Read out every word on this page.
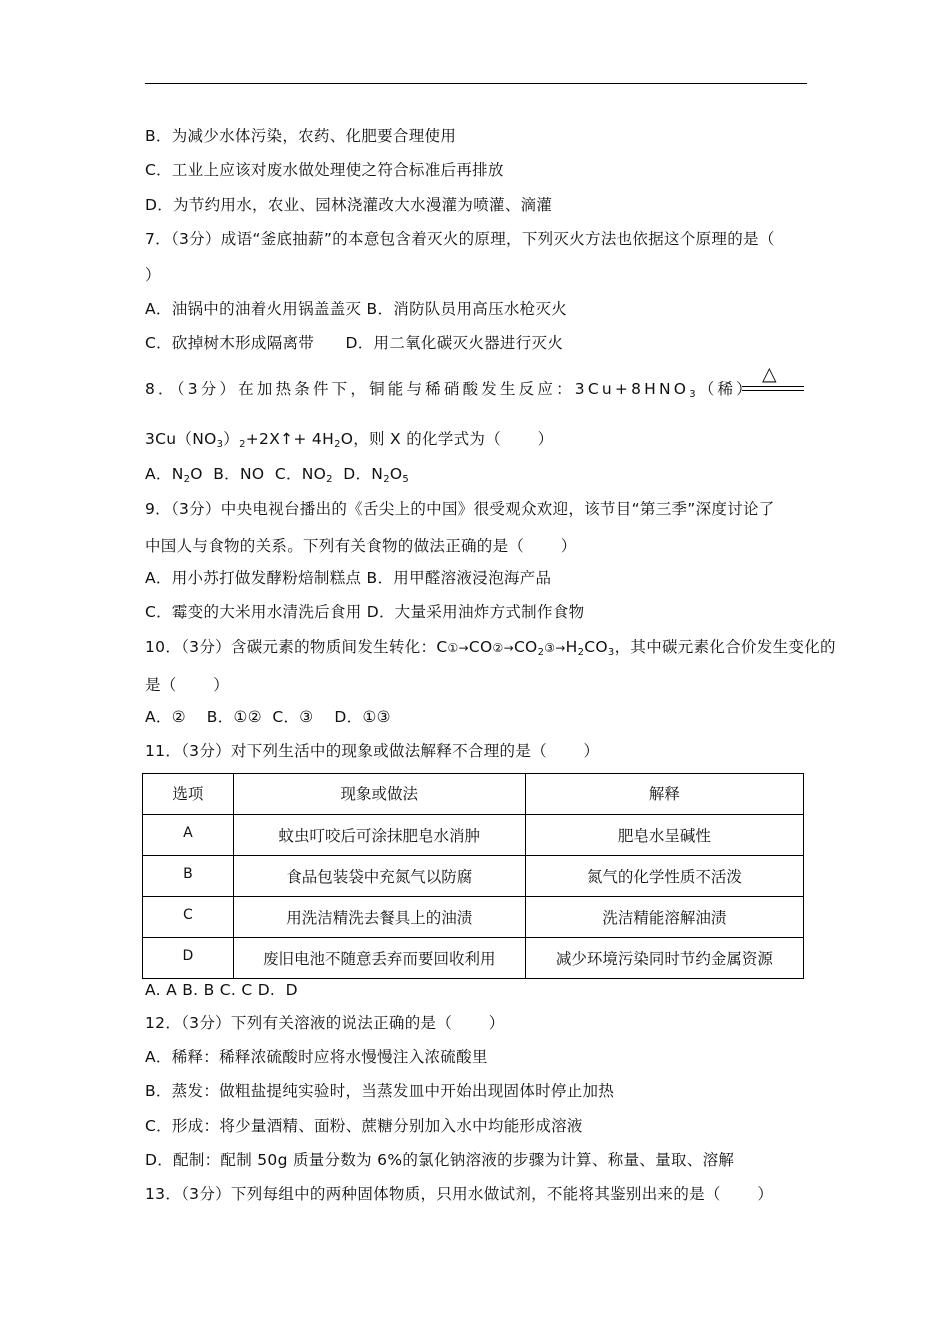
B．为减少水体污染，农药、化肥要合理使用
C．工业上应该对废水做处理使之符合标准后再排放
D．为节约用水，农业、园林浇灌改大水漫灌为喷灌、滴灌
7．（3分）成语“釜底抽薪”的本意包含着灭火的原理，下列灭火方法也依据这个原理的是（
）
A．油锅中的油着火用锅盖盖灭 B．消防队员用高压水枪灭火
C．砍掉树木形成隔离带      D．用二氧化碳灭火器进行灭火
8．（3分）在加热条件下，铜能与稀硝酸发生反应：$3Cu+8HNO_3$（稀）
△
$3Cu(NO_3)_2+2X↑+ 4H_2O$，则 X 的化学式为（       ）
A．$N_2O$  B．NO  C．$NO_2$  D．$N_2O_5$
9．（3分）中央电视台播出的《舌尖上的中国》很受观众欢迎，该节目“第三季”深度讨论了
中国人与食物的关系。下列有关食物的做法正确的是（       ）
A．用小苏打做发酵粉焙制糕点 B．用甲醛溶液浸泡海产品
C．霉变的大米用水清洗后食用 D．大量采用油炸方式制作食物
10．（3分）含碳元素的物质间发生转化：$C①\to CO②\to CO_2③\to H_2CO_3$，其中碳元素化合价发生变化的
是（       ）
A．②    B．①②  C．③    D．①③
11．（3分）对下列生活中的现象或做法解释不合理的是（       ）
选项	现象或做法	解释
A	蚊虫叮咬后可涂抹肥皂水消肿	肥皂水呈碱性
B	食品包装袋中充氮气以防腐	氮气的化学性质不活泼
C	用洗洁精洗去餐具上的油渍	洗洁精能溶解油渍
D	废旧电池不随意丢弃而要回收利用	减少环境污染同时节约金属资源
A. A B. B C. C D.  D
12．（3分）下列有关溶液的说法正确的是（       ）
A．稀释：稀释浓硫酸时应将水慢慢注入浓硫酸里
B．蒸发：做粗盐提纯实验时，当蒸发皿中开始出现固体时停止加热
C．形成：将少量酒精、面粉、蔗糖分别加入水中均能形成溶液
D．配制：配制 50g 质量分数为 6%的氯化钠溶液的步骤为计算、称量、量取、溶解
13．（3分）下列每组中的两种固体物质，只用水做试剂，不能将其鉴别出来的是（       ）
